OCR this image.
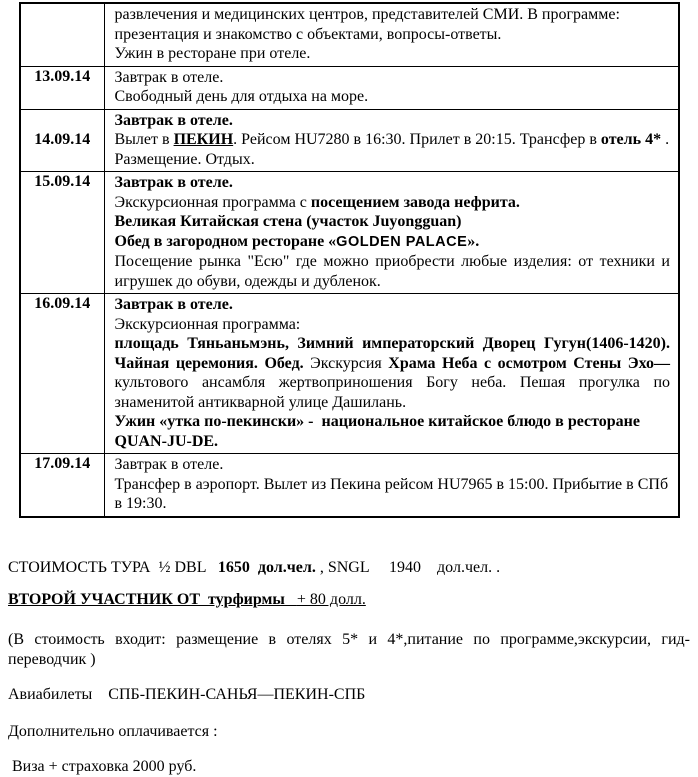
	развлечения и медицинских центров, представителей СМИ. В программе:
презентация и знакомство с объектами, вопросы-ответы.
Ужин в ресторане при отеле.

13.09.14	Завтрак в отеле.
Свободный день для отдыха на море.

14.09.14	Завтрак в отеле.
Вылет в ПЕКИН. Рейсом HU7280 в 16:30. Прилет в 20:15. Трансфер в отель 4* .
Размещение. Отдых.

15.09.14	Завтрак в отеле.
Экскурсионная программа с посещением завода нефрита.
Великая Китайская стена (участок Juyongguan)
Обед в загородном ресторане «GOLDEN PALACE».
Посещение рынка "Есю" где можно приобрести любые изделия: от техники и игрушек до обуви, одежды и дубленок.

16.09.14	Завтрак в отеле.
Экскурсионная программа:
площадь Тяньаньмэнь, Зимний императорский Дворец Гугун(1406-1420). Чайная церемония. Обед. Экскурсия Храма Неба с осмотром Стены Эхо—культового ансамбля жертвоприношения Богу неба. Пешая прогулка по знаменитой антикварной улице Дашилань.
Ужин «утка по-пекински» -  национальное китайское блюдо в ресторане QUAN-JU-DE.

17.09.14	Завтрак в отеле.
Трансфер в аэропорт. Вылет из Пекина рейсом HU7965 в 15:00. Прибытие в СПб в 19:30.
СТОИМОСТЬ ТУРА  ½ DBL   1650  дол.чел. , SNGL     1940    дол.чел. .
ВТОРОЙ УЧАСТНИК ОТ  турфирмы   + 80 долл.
(В стоимость входит: размещение в отелях 5* и 4*,питание по программе,экскурсии, гид-переводчик )
Авиабилеты    СПБ-ПЕКИН-САНЬЯ—ПЕКИН-СПБ
Дополнительно оплачивается :
Виза + страховка 2000 руб.
